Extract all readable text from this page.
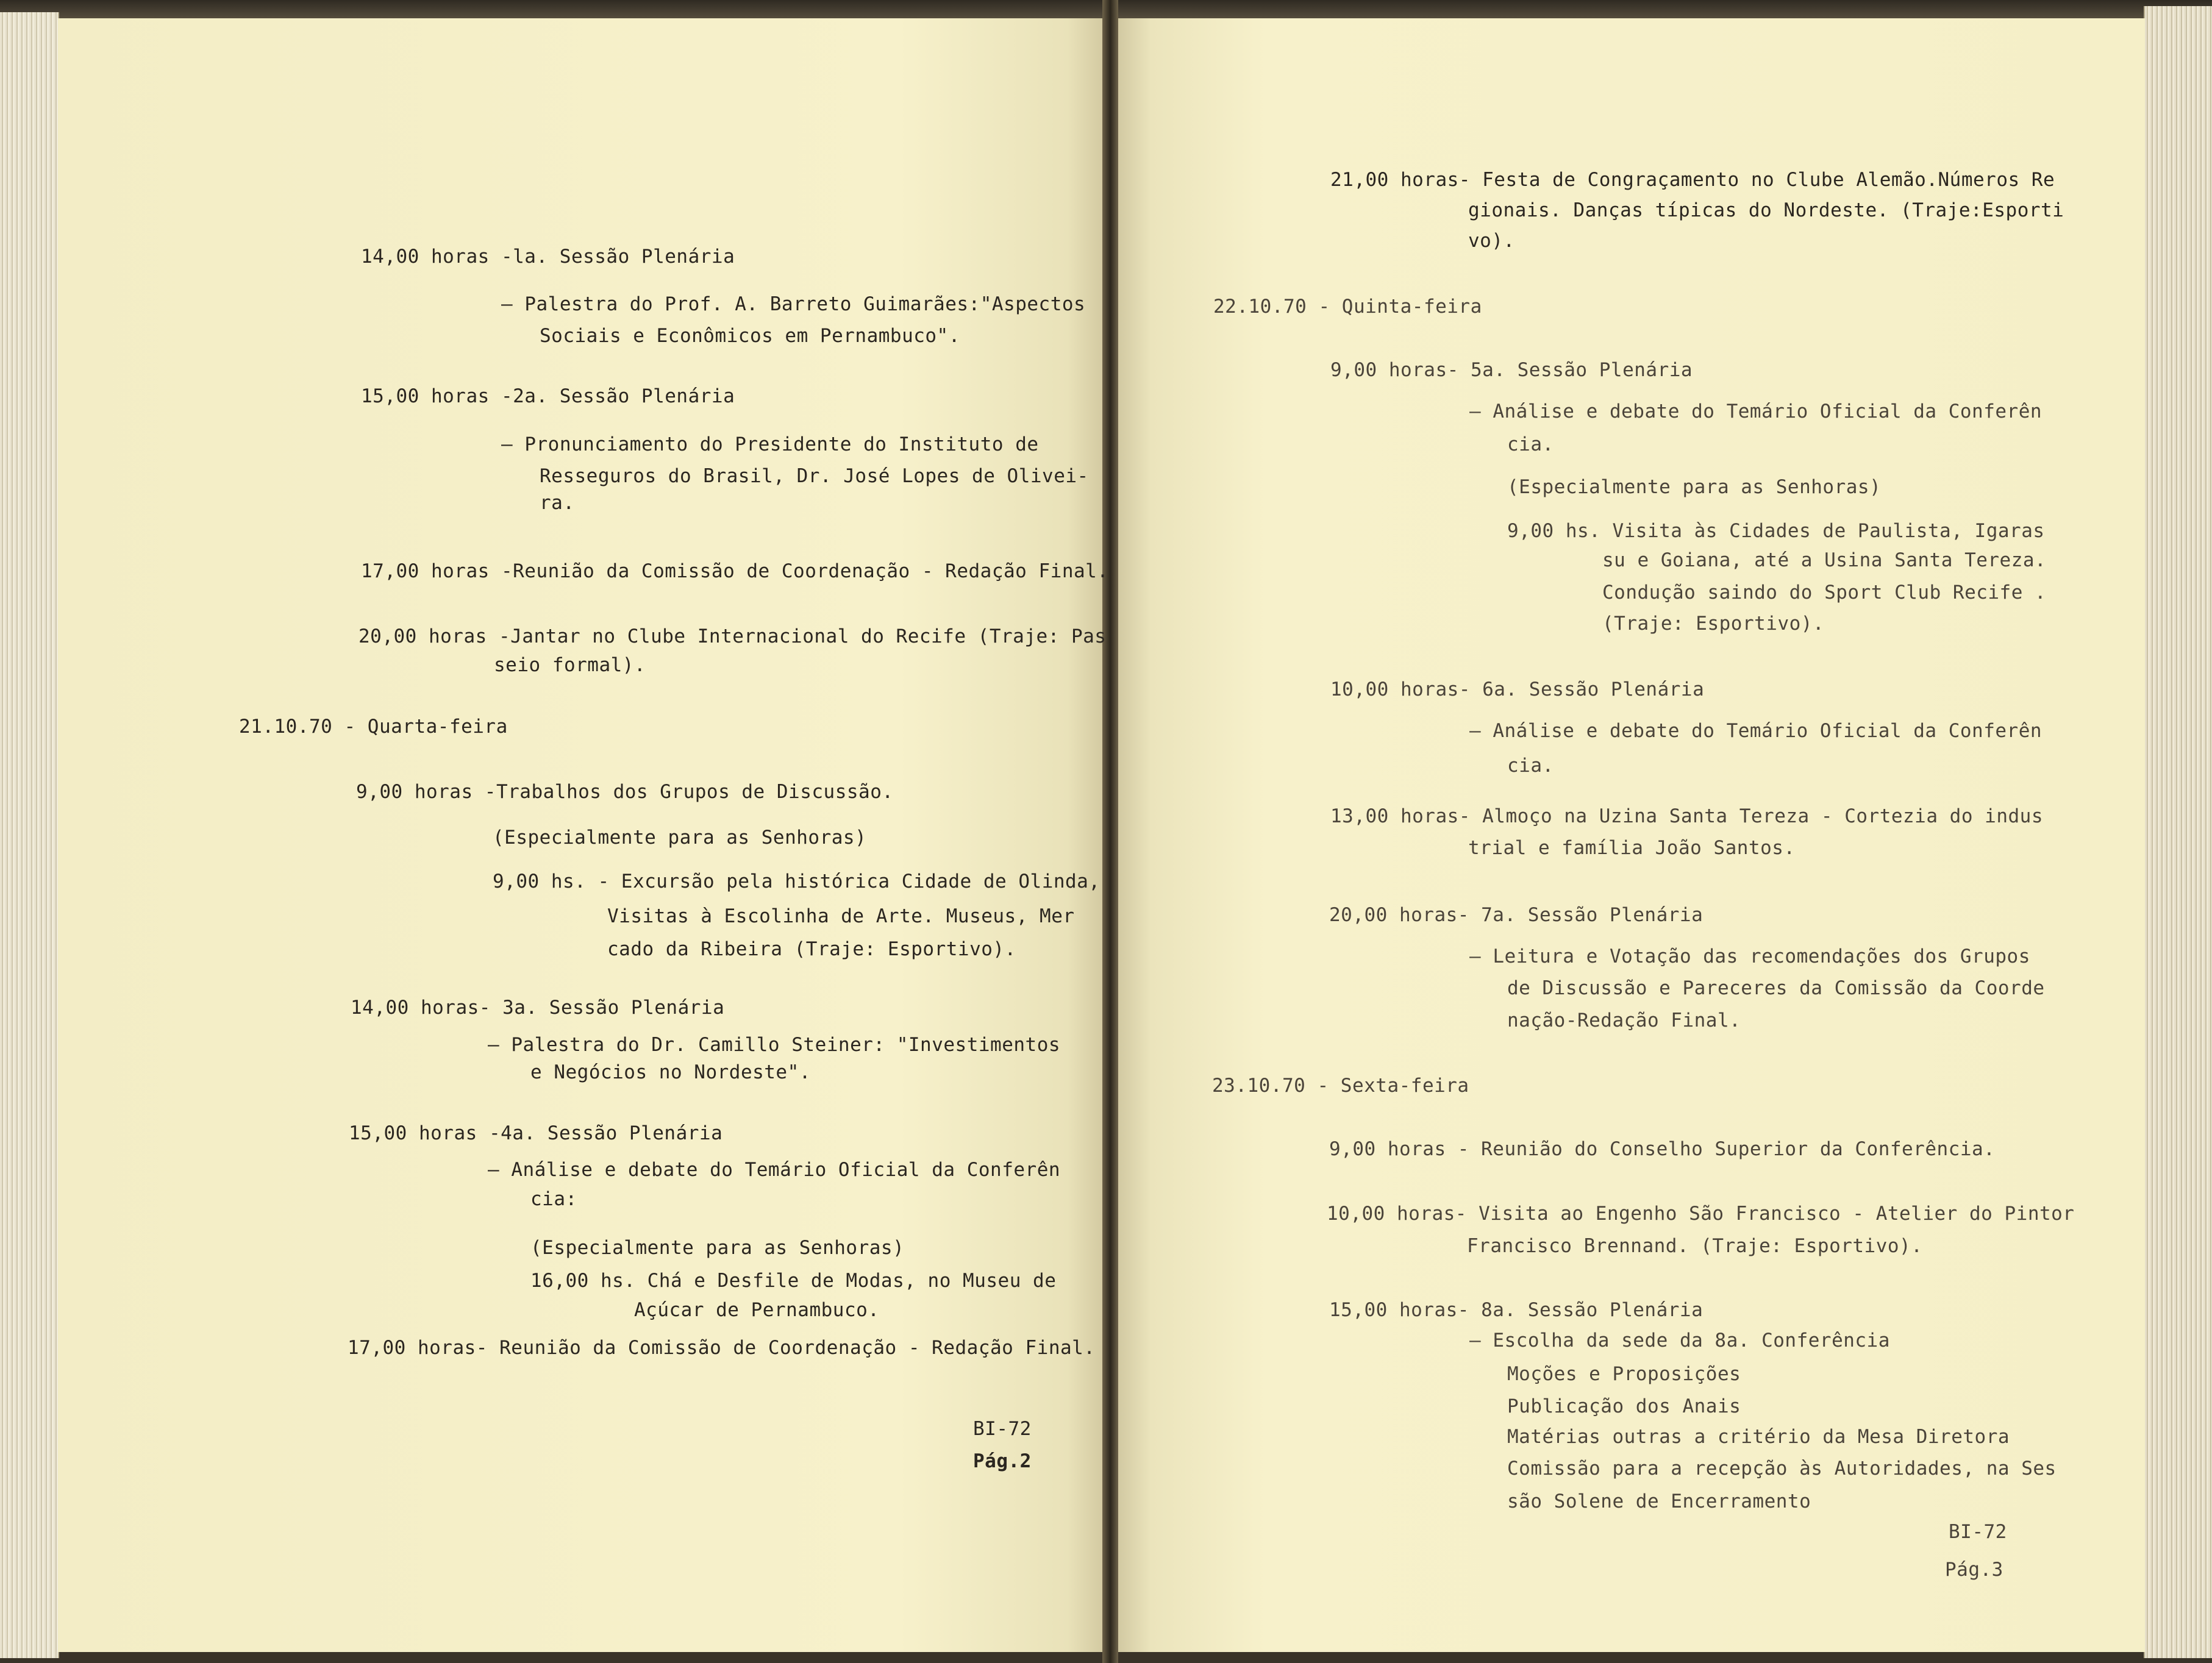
14,00 horas -la. Sessão Plenária
— Palestra do Prof. A. Barreto Guimarães:"Aspectos
Sociais e Econômicos em Pernambuco".
15,00 horas -2a. Sessão Plenária
— Pronunciamento do Presidente do Instituto de
Resseguros do Brasil, Dr. José Lopes de Olivei-
ra.
17,00 horas -Reunião da Comissão de Coordenação - Redação Final.
20,00 horas -Jantar no Clube Internacional do Recife (Traje: Pas
seio formal).
21.10.70 - Quarta-feira
9,00 horas -Trabalhos dos Grupos de Discussão.
(Especialmente para as Senhoras)
9,00 hs. - Excursão pela histórica Cidade de Olinda,
Visitas à Escolinha de Arte. Museus, Mer
cado da Ribeira (Traje: Esportivo).
14,00 horas- 3a. Sessão Plenária
— Palestra do Dr. Camillo Steiner: "Investimentos
e Negócios no Nordeste".
15,00 horas -4a. Sessão Plenária
— Análise e debate do Temário Oficial da Conferên
cia:
(Especialmente para as Senhoras)
16,00 hs. Chá e Desfile de Modas, no Museu de
Açúcar de Pernambuco.
17,00 horas- Reunião da Comissão de Coordenação - Redação Final.
BI-72
Pág.2
21,00 horas- Festa de Congraçamento no Clube Alemão.Números Re
gionais. Danças típicas do Nordeste. (Traje:Esporti
vo).
22.10.70 - Quinta-feira
9,00 horas- 5a. Sessão Plenária
— Análise e debate do Temário Oficial da Conferên
cia.
(Especialmente para as Senhoras)
9,00 hs. Visita às Cidades de Paulista, Igaras
su e Goiana, até a Usina Santa Tereza.
Condução saindo do Sport Club Recife .
(Traje: Esportivo).
10,00 horas- 6a. Sessão Plenária
— Análise e debate do Temário Oficial da Conferên
cia.
13,00 horas- Almoço na Uzina Santa Tereza - Cortezia do indus
trial e família João Santos.
20,00 horas- 7a. Sessão Plenária
— Leitura e Votação das recomendações dos Grupos
de Discussão e Pareceres da Comissão da Coorde
nação-Redação Final.
23.10.70 - Sexta-feira
9,00 horas - Reunião do Conselho Superior da Conferência.
10,00 horas- Visita ao Engenho São Francisco - Atelier do Pintor
Francisco Brennand. (Traje: Esportivo).
15,00 horas- 8a. Sessão Plenária
— Escolha da sede da 8a. Conferência
Moções e Proposições
Publicação dos Anais
Matérias outras a critério da Mesa Diretora
Comissão para a recepção às Autoridades, na Ses
são Solene de Encerramento
BI-72
Pág.3
